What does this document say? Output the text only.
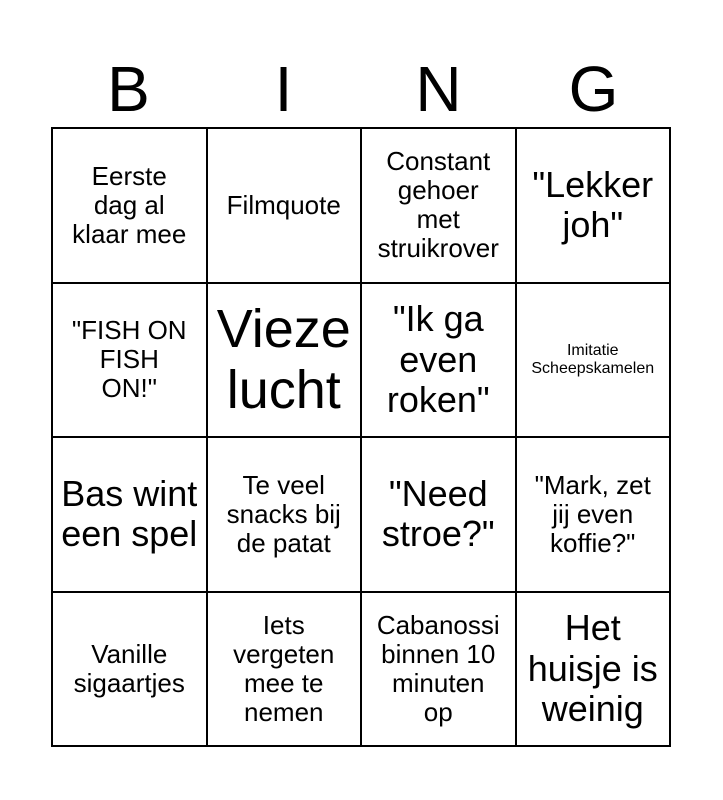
B	I	N	G
Eerste
dag al
klaar mee
Filmquote
Constant
gehoer
met
struikrover
"Lekker
joh"
"FISH ON
FISH
ON!"
Vieze
lucht
"Ik ga
even
roken"
Imitatie
Scheepskamelen
Bas wint
een spel
Te veel
snacks bij
de patat
"Need
stroe?"
"Mark, zet
jij even
koffie?"
Vanille
sigaartjes
Iets
vergeten
mee te
nemen
Cabanossi
binnen 10
minuten
op
Het
huisje is
weinig
